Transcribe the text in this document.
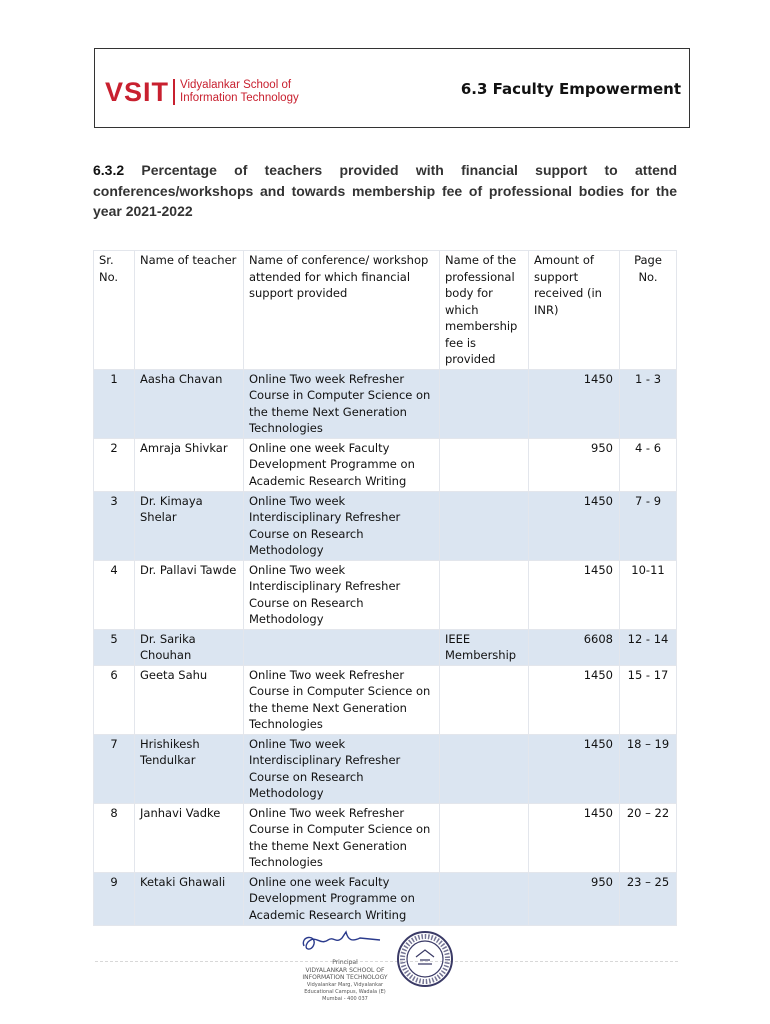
VSIT Vidyalankar School of
Information Technology	6.3 Faculty Empowerment
6.3.2 Percentage of teachers provided with financial support to attend conferences/workshops and towards membership fee of professional bodies for the year 2021-2022
Sr. No.	Name of teacher	Name of conference/ workshop attended for which financial support provided	Name of the professional body for which membership fee is provided	Amount of support received (in INR)	Page No.
1	Aasha Chavan	Online Two week Refresher Course in Computer Science on the theme Next Generation Technologies		1450	1 - 3
2	Amraja Shivkar	Online one week Faculty Development Programme on Academic Research Writing		950	4 - 6
3	Dr. Kimaya Shelar	Online Two week Interdisciplinary Refresher Course on Research Methodology		1450	7 - 9
4	Dr. Pallavi Tawde	Online Two week Interdisciplinary Refresher Course on Research Methodology		1450	10-11
5	Dr. Sarika Chouhan		IEEE Membership	6608	12 - 14
6	Geeta Sahu	Online Two week Refresher Course in Computer Science on the theme Next Generation Technologies		1450	15 - 17
7	Hrishikesh Tendulkar	Online Two week Interdisciplinary Refresher Course on Research Methodology		1450	18 – 19
8	Janhavi Vadke	Online Two week Refresher Course in Computer Science on the theme Next Generation Technologies		1450	20 – 22
9	Ketaki Ghawali	Online one week Faculty Development Programme on Academic Research Writing		950	23 – 25
Principal
VIDYALANKAR SCHOOL OF
INFORMATION TECHNOLOGY
Vidyalankar Marg, Vidyalankar
Educational Campus, Wadala (E)
Mumbai - 400 037
